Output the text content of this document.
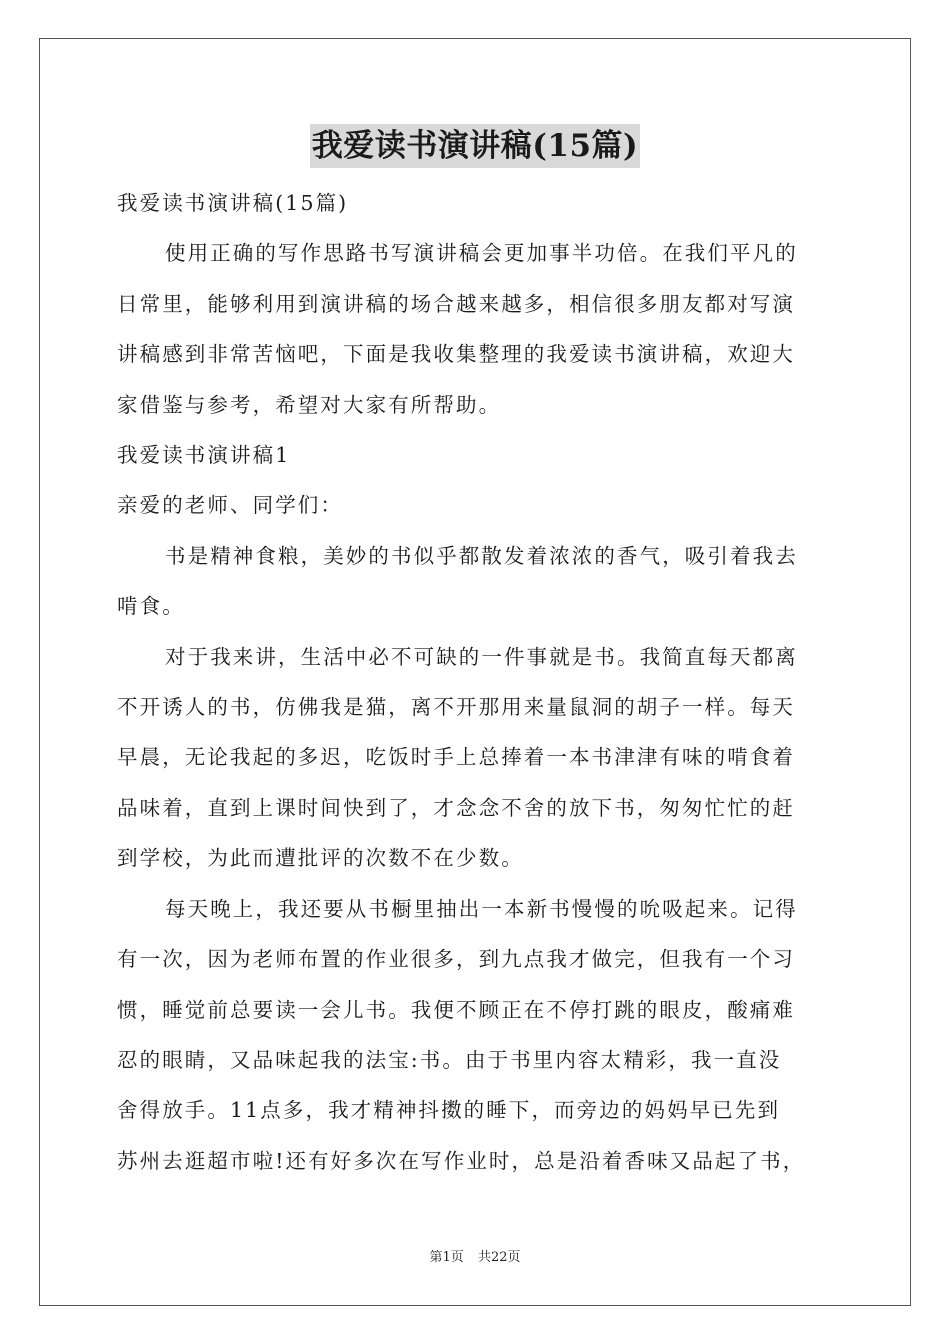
我爱读书演讲稿(15篇)
我爱读书演讲稿(15篇)
使用正确的写作思路书写演讲稿会更加事半功倍。在我们平凡的
日常里，能够利用到演讲稿的场合越来越多，相信很多朋友都对写演
讲稿感到非常苦恼吧，下面是我收集整理的我爱读书演讲稿，欢迎大
家借鉴与参考，希望对大家有所帮助。
我爱读书演讲稿1
亲爱的老师、同学们：
书是精神食粮，美妙的书似乎都散发着浓浓的香气，吸引着我去
啃食。
对于我来讲，生活中必不可缺的一件事就是书。我简直每天都离
不开诱人的书，仿佛我是猫，离不开那用来量鼠洞的胡子一样。每天
早晨，无论我起的多迟，吃饭时手上总捧着一本书津津有味的啃食着
品味着，直到上课时间快到了，才念念不舍的放下书，匆匆忙忙的赶
到学校，为此而遭批评的次数不在少数。
每天晚上，我还要从书橱里抽出一本新书慢慢的吮吸起来。记得
有一次，因为老师布置的作业很多，到九点我才做完，但我有一个习
惯，睡觉前总要读一会儿书。我便不顾正在不停打跳的眼皮，酸痛难
忍的眼睛，又品味起我的法宝:书。由于书里内容太精彩，我一直没
舍得放手。11点多，我才精神抖擞的睡下，而旁边的妈妈早已先到
苏州去逛超市啦!还有好多次在写作业时，总是沿着香味又品起了书，
第1页 共22页
